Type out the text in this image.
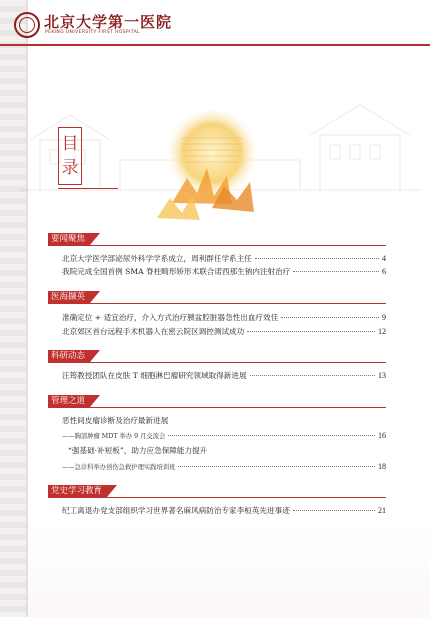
北京大学第一医院
PEKING UNIVERSITY FIRST HOSPITAL
目
录
要闻聚焦
北京大学医学部泌尿外科学学系成立，周利群任学系主任	4
我院完成全国首例 SMA 脊柱畸形矫形术联合诺西那生钠内注射治疗	6
医海撷英
准确定位 + 适宜治疗，介入方式治疗胰盆腔脏器急性出血疗效佳	9
北京郊区首台远程手术机器人在密云院区调控测试成功	12
科研动态
汪筠教授团队在皮肤 T 细胞淋巴瘤研究领域取得新进展	13
管理之道
恶性间皮瘤诊断及治疗最新进展
——胸部肿瘤 MDT 举办 9 月交流会	16
“强基础·补短板”，助力应急保障能力提升
——急诊科举办创伤急救护理实践培训班	18
党史学习教育
纪工离退办党支部组织学习世界著名麻风病防治专家李桓英先进事迹	21
